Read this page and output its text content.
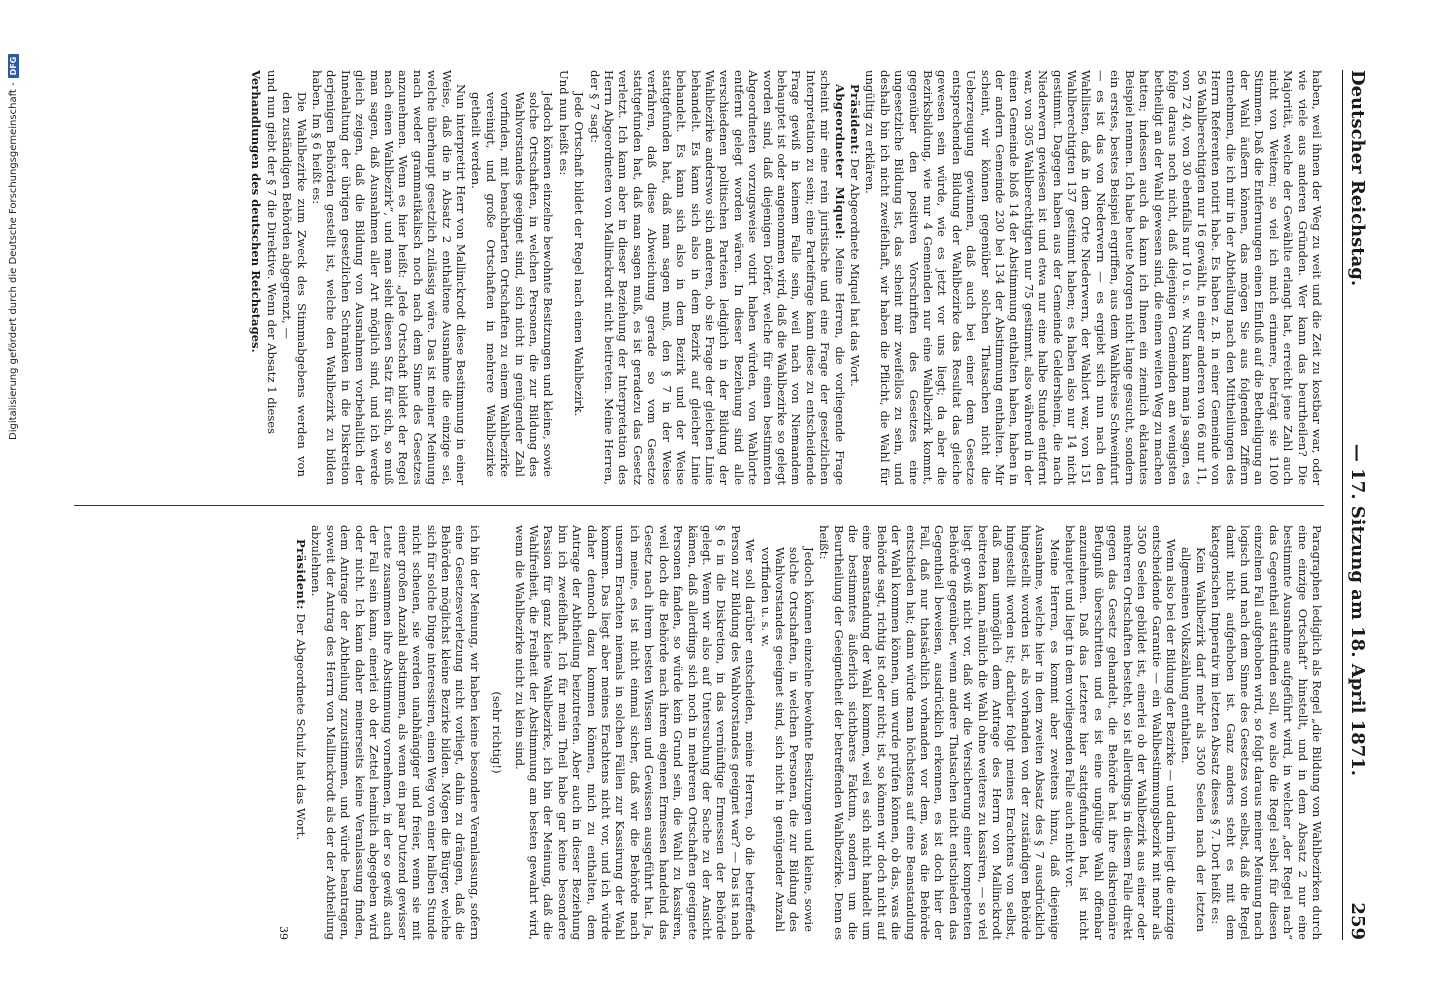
Digitalisierung gefördert durch die Deutsche Forschungsgemeinschaft -
DFG
Deutscher Reichstag.
— 17. Sitzung am 18. April 1871.
259

haben, weil ihnen der Weg zu weit und die Zeit zu kostbar war, oder wie viele aus anderen Gründen. Wer kann das beurtheilen? Die Majorität, welche der Gewählte erlangt hat, erreicht jene Zahl auch nicht von Weitem; so viel ich mich erinnere, beträgt sie 1100 Stimmen. Daß die Entfernungen einen Einfluß auf die Betheiligung an der Wahl äußern können, das mögen Sie aus folgenden Ziffern entnehmen, die ich mir in der Abtheilung nach den Mittheilungen des Herrn Referenten notirt habe. Es haben z. B. in einer Gemeinde von 56 Wahlberechtigten nur 16 gewählt, in einer anderen von 66 nur 11, von 72 40, von 30 ebenfalls nur 10 u. s. w. Nun kann man ja sagen, es folge daraus noch nicht, daß diejenigen Gemeinden am wenigsten betheiligt an der Wahl gewesen sind, die einen weiten Weg zu machen hatten; indessen auch da kann ich Ihnen ein ziemlich eklatantes Beispiel nennen. Ich habe heute Morgen nicht lange gesucht, sondern ein erstes, bestes Beispiel ergriffen, aus dem Wahlkreise Schweinfurt — es ist das von Niederwern — es ergiebt sich nun nach den Wahllisten, daß in dem Orte Niederwern, der Wahlort war, von 151 Wahlberechtigten 137 gestimmt haben; es haben also nur 14 nicht gestimmt. Dagegen haben aus der Gemeinde Geldersheim, die nach Niederwern gewiesen ist und etwa nur eine halbe Stunde entfernt war, von 305 Wahlberechtigten nur 75 gestimmt, also während in der einen Gemeinde bloß 14 der Abstimmung enthalten haben, haben in der andern Gemeinde 230 bei 134 der Abstimmung enthalten. Mir scheint, wir können gegenüber solchen Thatsachen nicht die Ueberzeugung gewinnen, daß auch bei einer dem Gesetze entsprechenden Bildung der Wahlbezirke das Resultat das gleiche gewesen sein würde, wie es jetzt vor uns liegt; da aber die Bezirksbildung, wie nur 4 Gemeinden nur eine Wahlbezirk kommt, gegenüber den positiven Vorschriften des Gesetzes eine ungesetzliche Bildung ist, das scheint mir zweifellos zu sein, und deshalb bin ich nicht zweifelhaft, wir haben die Pflicht, die Wahl für ungültig zu erklären.

Präsident: Der Abgeordnete Miquel hat das Wort.

Abgeordneter Miquel: Meine Herren, die vorliegende Frage scheint mir eine rein juristische und eine Frage der gesetzlichen Interpretation zu sein; eine Parteifrage kann diese zu entscheidende Frage gewiß in keinem Falle sein, weil nach von Niemandem behauptet ist oder angenommen wird, daß die Wahlbezirke so gelegt worden sind, daß diejenigen Dörfer, welche für einen bestimmten Abgeordneten vorzugsweise votirt haben würden, von Wahlorte entfernt gelegt worden wären. In dieser Beziehung sind alle verschiedenen politischen Parteien lediglich in der Bildung der Wahlbezirke anderswo sich anderen, ob sie Frage der gleichen Linie behandelt. Es kann sich also in dem Bezirk auf gleicher Linie behandelt. Es kann sich also in dem Bezirk und der Weise stattgefunden hat, daß man sagen muß, den § 7 in der Weise verfahren, daß diese Abweichung gerade so vom Gesetze stattgefunden hat, daß man sagen muß, es ist geradezu das Gesetz verletzt. Ich kann aber in dieser Beziehung der Interpretation des Herrn Abgeordneten von Mallinckrodt nicht beitreten. Meine Herren, der § 7 sagt:

Jede Ortschaft bildet der Regel nach einen Wahlbezirk.

Und nun heißt es:

Jedoch können einzelne bewohnte Besitzungen und kleine, sowie solche Ortschaften, in welchen Personen, die zur Bildung des Wahlvorstandes geeignet sind, sich nicht in genügender Zahl vorfinden, mit benachbarten Ortschaften zu einem Wahlbezirke vereinigt, und große Ortschaften in mehrere Wahlbezirke getheilt werden.

Nun interpretirt Herr von Mallinckrodt diese Bestimmung in einer Weise, daß die in Absatz 2 enthaltene Ausnahme die einzige sei, welche überhaupt gesetzlich zulässig wäre. Das ist meiner Meinung nach weder grammatikalisch noch nach dem Sinne des Gesetzes anzunehmen. Wenn es hier heißt: „Jede Ortschaft bildet der Regel nach einen Wahlbezirk“, und man sieht diesen Satz für sich, so muß man sagen, daß Ausnahmen aller Art möglich sind, und ich werde gleich zeigen, daß die Bildung von Ausnahmen vorbehaltlich der Innehaltung der übrigen gesetzlichen Schranken in die Diskretion derjenigen Behörden gestellt ist, welche den Wahlbezirk zu bilden haben. Im § 6 heißt es:

Die Wahlbezirke zum Zweck des Stimmabgebens werden von den zuständigen Behörden abgegrenzt, —

und nun giebt der § 7 die Direktive. Wenn der Absatz 1 dieses

Verhandlungen des deutschen Reichstages.

Paragraphen lediglich als Regel „die Bildung von Wahlbezirken durch eine einzige Ortschaft“ hinstellt, und in dem Absatz 2 nur eine bestimmte Ausnahme aufgeführt wird, in welcher „der Regel nach“ das Gegentheil stattfinden soll, wo also die Regel selbst für diesen einzelnen Fall aufgehoben wird, so folgt daraus meiner Meinung nach logisch und nach dem Sinne des Gesetzes von selbst, daß die Regel damit nicht aufgehoben ist. Ganz anders steht es mit dem kategorischen Imperativ im letzten Absatz dieses § 7. Dort heißt es:

Kein Wahlbezirk darf mehr als 3500 Seelen nach der letzten allgemeinen Volkszählung enthalten.

Wenn also bei der Bildung der Bezirke — und darin liegt die einzige entscheidende Garantie — ein Wahlbestimmungsbezirk mit mehr als 3500 Seelen gebildet ist, einerlei ob der Wahlbezirk aus einer oder mehreren Ortschaften besteht, so ist allerdings in diesem Falle direkt gegen das Gesetz gehandelt, die Behörde hat ihre diskretionäre Befugniß überschritten und es ist eine ungültige Wahl offenbar anzunehmen. Daß das Letztere hier stattgefunden hat, ist nicht behauptet und liegt in dem vorliegenden Falle auch nicht vor.

Meine Herren, es kommt aber zweitens hinzu, daß diejenige Ausnahme, welche hier in dem zweiten Absatz des § 7 ausdrücklich hingestellt worden ist, als vorhanden von der zuständigen Behörde hingestellt worden ist; darüber folgt meines Erachtens von selbst, daß man unmöglich dem Antrage des Herrn von Mallinckrodt beitreten kann, nämlich die Wahl ohne weiteres zu kassiren, — so viel liegt gewiß nicht vor, daß wir die Versicherung einer kompetenten Behörde gegenüber, wenn andere Thatsachen nicht entschieden das Gegentheil beweisen, ausdrücklich erkennen, es ist doch hier der Fall, daß nur thatsächlich vorhanden vor dem, was die Behörde entschieden hat; dann würde man höchstens auf eine Beanstandung der Wahl kommen können, um wurde prüfen können, ob das, was die Behörde sagt, richtig ist oder nicht; ist, so können wir doch nicht auf eine Beanstandung der Wahl kommen, weil es sich nicht handelt um die bestimmtes äußerlich sichtbares Faktum, sondern um die Beurtheilung der Geeignetheit der betreffenden Wahlbezirke. Denn es heißt:

Jedoch können einzelne bewohnte Besitzungen und kleine, sowie solche Ortschaften, in welchen Personen, die zur Bildung des Wahlvorstandes geeignet sind, sich nicht in genügender Anzahl vorfinden u. s. w.

Wer soll darüber entscheiden, meine Herren, ob die betreffende Person zur Bildung des Wahlvorstandes geeignet war? — Das ist nach § 6 in die Diskretion, in das vernünftige Ermessen der Behörde gelegt. Wenn wir also auf Untersuchung der Sache zu der Ansicht kämen, daß allerdings sich noch in mehreren Ortschaften geeignete Personen fanden, so würde kein Grund sein, die Wahl zu kassiren, weil doch die Behörde nach ihrem eigenen Ermessen handelnd das Gesetz nach ihrem besten Wissen und Gewissen ausgeführt hat. Ja, ich meine, es ist nicht einmal sicher, daß wir die Behörde nach unserm Erachten niemals in solchen Fällen zur Kassirung der Wahl kommen. Das liegt aber meines Erachtens nicht vor, und ich würde daher dennoch dazu kommen können, mich zu enthalten, dem Antrage der Abtheilung beizutreten. Aber auch in dieser Beziehung bin ich zweifelhaft. Ich für mein Theil habe gar keine besondere Passion für ganz kleine Wahlbezirke, ich bin der Meinung, daß die Wahlfreiheit, die Freiheit der Abstimmung am besten gewahrt wird, wenn die Wahlbezirke nicht zu klein sind.

(sehr richtig!)

ich bin der Meinung, wir haben keine besondere Veranlassung, sofern eine Gesetzesverletzung nicht vorliegt, dahin zu drängen, daß die Behörden möglichst kleine Bezirke bilden. Mögen die Bürger, welche sich für solche Dinge interessiren, einen Weg von einer halben Stunde nicht scheuen, sie werden unabhängiger und freier, wenn sie mit einer großen Anzahl abstimmen, als wenn ein paar Dutzend gewisser Leute zusammen ihre Abstimmung vornehmen, in der so gewiß auch der Fall sein kann, einerlei ob der Zettel heimlich abgegeben wird oder nicht. Ich kann daher meinerseits keine Veranlassung finden, dem Antrage der Abtheilung zuzustimmen, und würde beantragen, soweit der Antrag des Herrn von Mallinckrodt als der der Abtheilung abzulehnen.

Präsident: Der Abgeordnete Schulz hat das Wort.

39
